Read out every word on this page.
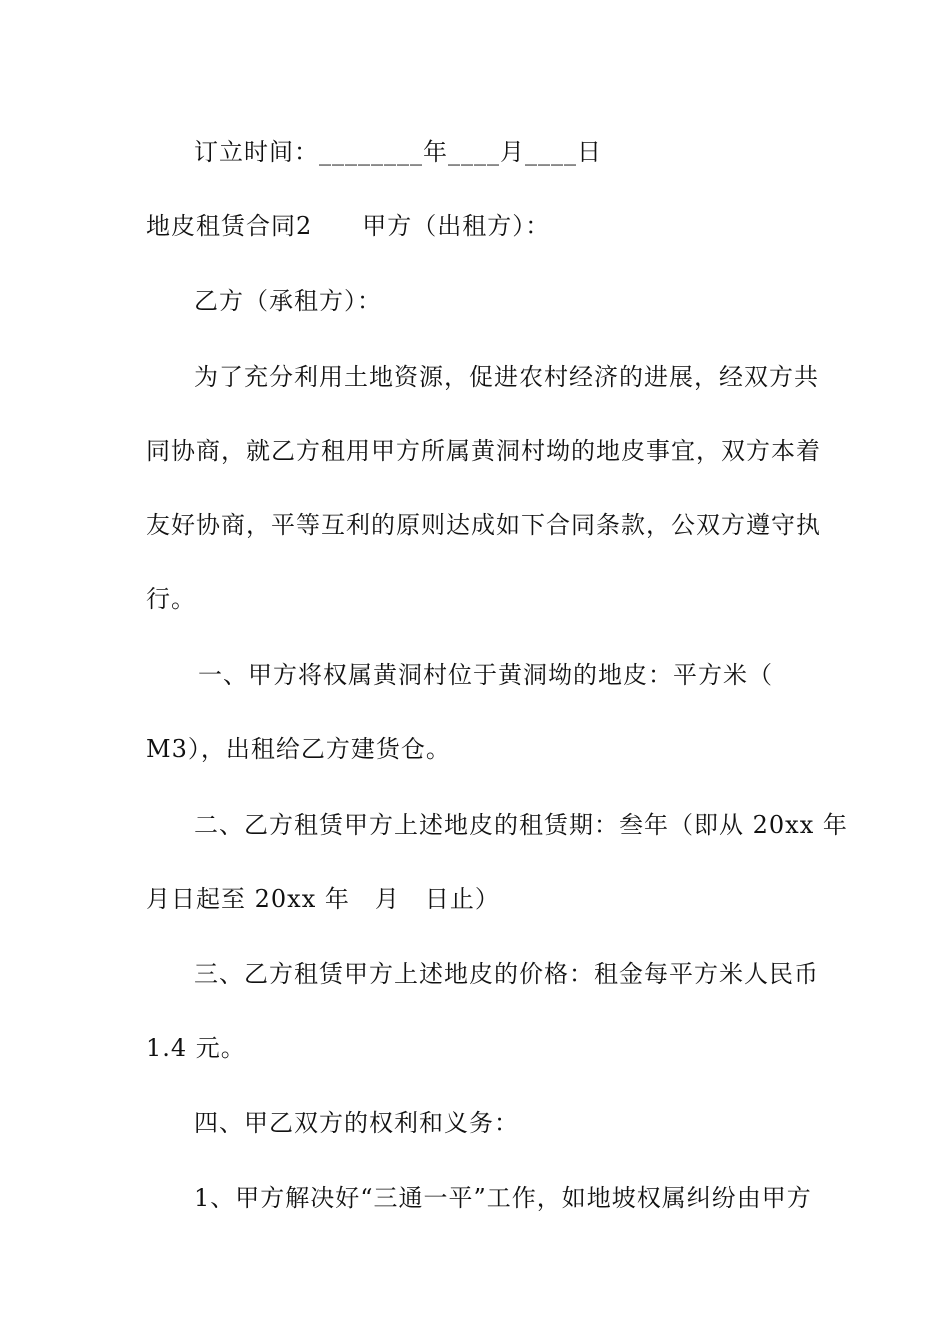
订立时间：________年____月____日
地皮租赁合同2　　甲方（出租方）：
乙方（承租方）：
为了充分利用土地资源，促进农村经济的进展，经双方共
同协商，就乙方租用甲方所属黄洞村坳的地皮事宜，双方本着
友好协商，平等互利的原则达成如下合同条款，公双方遵守执
行。
一、甲方将权属黄洞村位于黄洞坳的地皮：平方米（
M3），出租给乙方建货仓。
二、乙方租赁甲方上述地皮的租赁期：叁年（即从 20xx 年
月日起至 20xx 年　月　日止）
三、乙方租赁甲方上述地皮的价格：租金每平方米人民币
1.4 元。
四、甲乙双方的权利和义务：
1、甲方解决好“三通一平”工作，如地坡权属纠纷由甲方
